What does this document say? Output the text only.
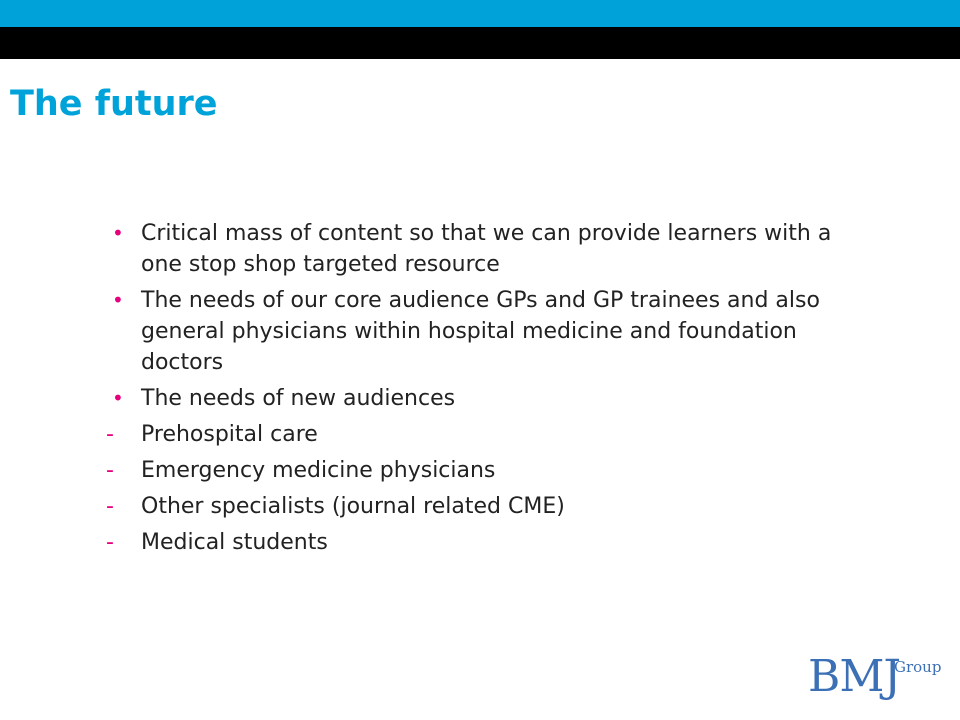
The future
• Critical mass of content so that we can provide learners with a one stop shop targeted resource
• The needs of our core audience GPs and GP trainees and also general physicians within hospital medicine and foundation doctors
• The needs of new audiences
- Prehospital care
- Emergency medicine physicians
- Other specialists (journal related CME)
- Medical students
BMJ
Group
